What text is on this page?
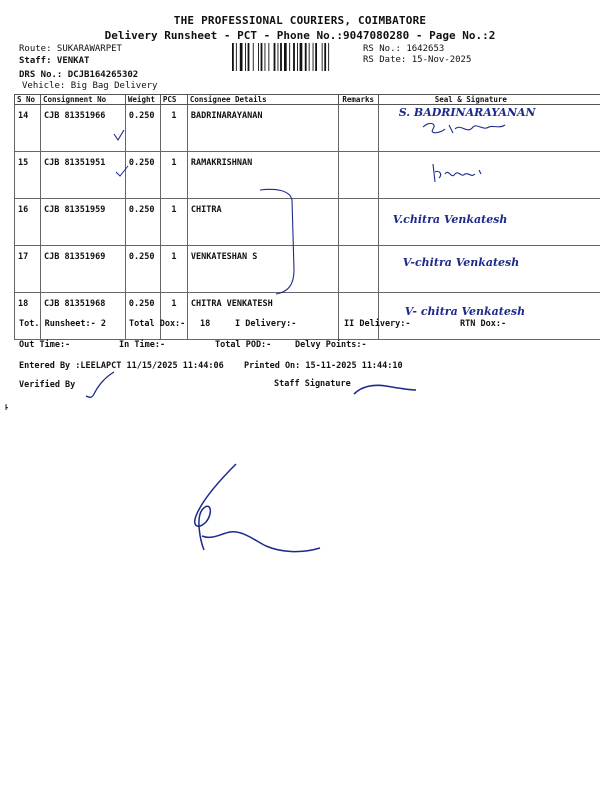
THE PROFESSIONAL COURIERS, COIMBATORE
Delivery Runsheet - PCT - Phone No.:9047080280 - Page No.:2
Route: SUKARAWARPET
Staff: VENKAT
DRS No.: DCJB164265302
Vehicle: Big Bag Delivery
RS No.: 1642653
RS Date: 15-Nov-2025
S No	Consignment No	Weight	PCS	Consignee Details	Remarks	Seal & Signature
14	CJB 81351966	0.250	1	BADRINARAYANAN		S. BADRINARAYANAN

15	CJB 81351951	0.250	1	RAMAKRISHNAN		

16	CJB 81351959	0.250	1	CHITRA		V.chitra Venkatesh

17	CJB 81351969	0.250	1	VENKATESHAN S		V-chitra Venkatesh

18	CJB 81351968	0.250	1	CHITRA VENKATESH		V- chitra Venkatesh
Tot. Runsheet:- 2	Total Dox:- 18	I Delivery:-	II Delivery:-	RTN Dox:-
Out Time:-	In Time:-	Total POD:-	Delvy Points:-
Entered By :LEELAPCT 11/15/2025 11:44:06 Printed On: 15-11-2025 11:44:10
Verified By	Staff Signature
